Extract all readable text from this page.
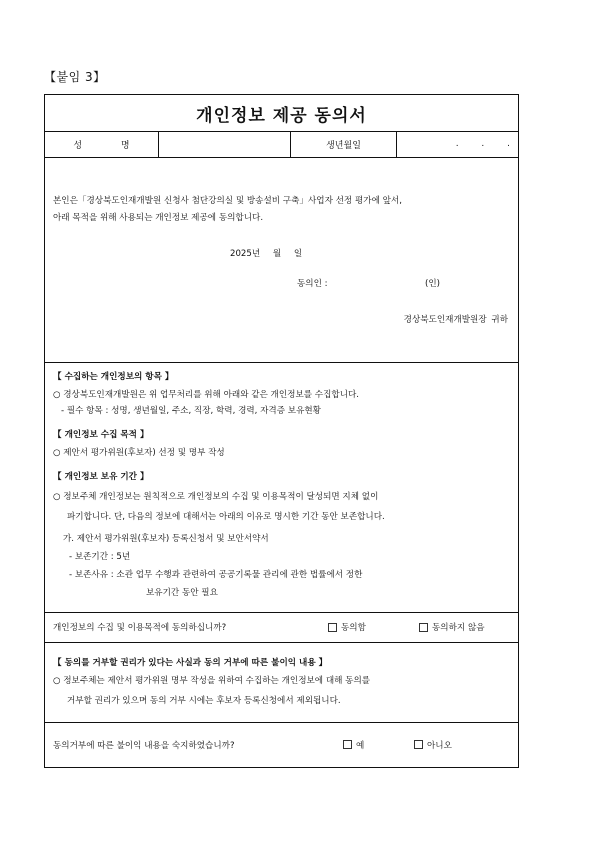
【붙임 3】
개인정보 제공 동의서
성 명	생년월일	. . .
본인은「경상북도인재개발원 신청사 첨단강의실 및 방송설비 구축」사업자 선정 평가에 앞서,
아래 목적을 위해 사용되는 개인정보 제공에 동의합니다.
2025년 월 일
동의인 :	(인)
경상북도인재개발원장 귀하
【 수집하는 개인정보의 항목 】
○ 경상북도인재개발원은 위 업무처리를 위해 아래와 같은 개인정보를 수집합니다.
- 필수 항목 : 성명, 생년월일, 주소, 직장, 학력, 경력, 자격증 보유현황
【 개인정보 수집 목적 】
○ 제안서 평가위원(후보자) 선정 및 명부 작성
【 개인정보 보유 기간 】
○ 정보주체 개인정보는 원칙적으로 개인정보의 수집 및 이용목적이 달성되면 지체 없이
파기합니다. 단, 다음의 정보에 대해서는 아래의 이유로 명시한 기간 동안 보존합니다.
가. 제안서 평가위원(후보자) 등록신청서 및 보안서약서
- 보존기간 : 5년
- 보존사유 : 소관 업무 수행과 관련하여 공공기록물 관리에 관한 법률에서 정한
보유기간 동안 필요
개인정보의 수집 및 이용목적에 동의하십니까?	동의함	동의하지 않음
【 동의를 거부할 권리가 있다는 사실과 동의 거부에 따른 불이익 내용 】
○ 정보주체는 제안서 평가위원 명부 작성을 위하여 수집하는 개인정보에 대해 동의를
거부할 권리가 있으며 동의 거부 시에는 후보자 등록신청에서 제외됩니다.
동의거부에 따른 불이익 내용을 숙지하였습니까?	예	아니오
